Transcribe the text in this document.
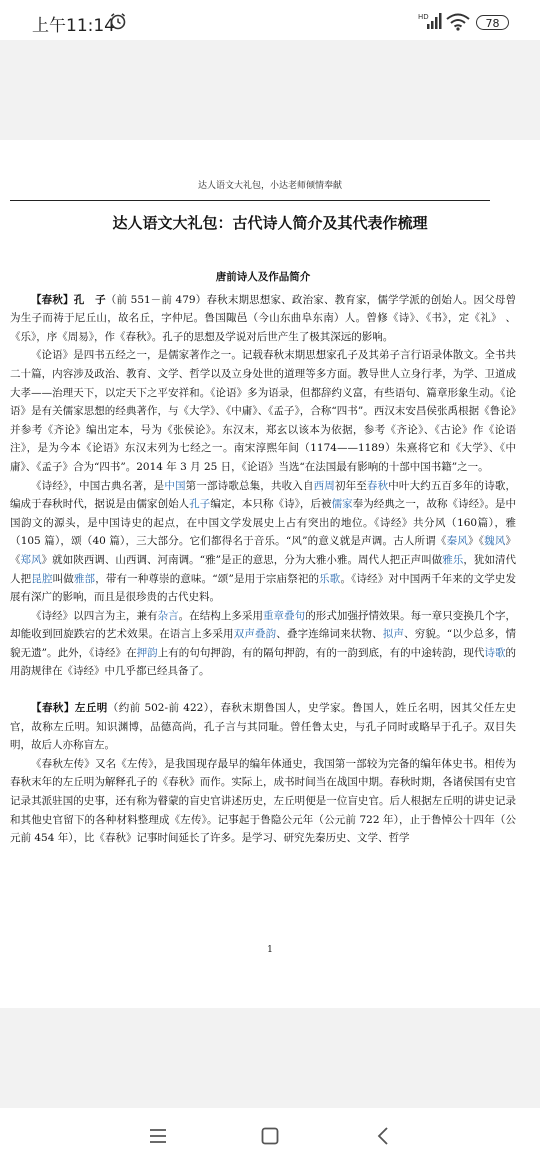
上午11:14	HD	78
达人语文大礼包，小达老师倾情奉献
达人语文大礼包：古代诗人简介及其代表作梳理

唐前诗人及作品简介

【春秋】孔　子（前 551－前 479）春秋末期思想家、政治家、教育家，儒学学派的创始人。因父母曾为生子而祷于尼丘山，故名丘，字仲尼。鲁国陬邑（今山东曲阜东南）人。曾修《诗》、《书》，定《礼》 、《乐》，序《周易》，作《春秋》。孔子的思想及学说对后世产生了极其深远的影响。

《论语》是四书五经之一，是儒家著作之一。记载春秋末期思想家孔子及其弟子言行语录体散文。全书共二十篇，内容涉及政治、教育、文学、哲学以及立身处世的道理等多方面。教导世人立身行孝，为学、卫道成大孝——治理天下，以定天下之平安祥和。《论语》多为语录，但都辞约义富，有些语句、篇章形象生动。《论语》是有关儒家思想的经典著作，与《大学》、《中庸》、《孟子》，合称“四书”。西汉末安昌侯张禹根据《鲁论》并参考《齐论》编出定本，号为《张侯论》。东汉末，郑玄以该本为依据，参考《齐论》、《古论》作《论语注》，是为今本《论语》东汉末列为七经之一。南宋淳熙年间（1174——1189）朱熹将它和《大学》、《中庸》、《孟子》合为“四书”。2014 年 3 月 25 日，《论语》当选“在法国最有影响的十部中国书籍”之一。

《诗经》，中国古典名著，是中国第一部诗歌总集，共收入自西周初年至春秋中叶大约五百多年的诗歌，编成于春秋时代，据说是由儒家创始人孔子编定，本只称《诗》，后被儒家奉为经典之一，故称《诗经》。是中国韵文的源头，是中国诗史的起点，在中国文学发展史上占有突出的地位。《诗经》共分风（160篇），雅（105 篇），颂（40 篇），三大部分。它们都得名于音乐。“风”的意义就是声调。古人所谓《秦风》《魏风》《郑风》就如陕西调、山西调、河南调。“雅”是正的意思，分为大雅小雅。周代人把正声叫做雅乐，犹如清代人把昆腔叫做雅部，带有一种尊崇的意味。“颂”是用于宗庙祭祀的乐歌。《诗经》对中国两千年来的文学史发展有深广的影响，而且是很珍贵的古代史料。

《诗经》以四言为主，兼有杂言。在结构上多采用重章叠句的形式加强抒情效果。每一章只变换几个字，却能收到回旋跌宕的艺术效果。在语言上多采用双声叠韵、叠字连绵词来状物、拟声、穷貌。“以少总多，情貌无遗”。此外，《诗经》在押韵上有的句句押韵，有的隔句押韵，有的一韵到底，有的中途转韵，现代诗歌的用韵规律在《诗经》中几乎都已经具备了。

【春秋】左丘明（约前 502-前 422），春秋末期鲁国人，史学家。鲁国人，姓丘名明，因其父任左史官，故称左丘明。知识渊博，品德高尚，孔子言与其同耻。曾任鲁太史，与孔子同时或略早于孔子。双目失明，故后人亦称盲左。

《春秋左传》又名《左传》，是我国现存最早的编年体通史，我国第一部较为完备的编年体史书。相传为春秋末年的左丘明为解释孔子的《春秋》而作。实际上，成书时间当在战国中期。春秋时期，各诸侯国有史官记录其派驻国的史事，还有称为瞽蒙的盲史官讲述历史，左丘明便是一位盲史官。后人根据左丘明的讲史记录和其他史官留下的各种材料整理成《左传》。记事起于鲁隐公元年（公元前 722 年），止于鲁悼公十四年（公元前 454 年），比《春秋》记事时间延长了许多。是学习、研究先秦历史、文学、哲学

1
